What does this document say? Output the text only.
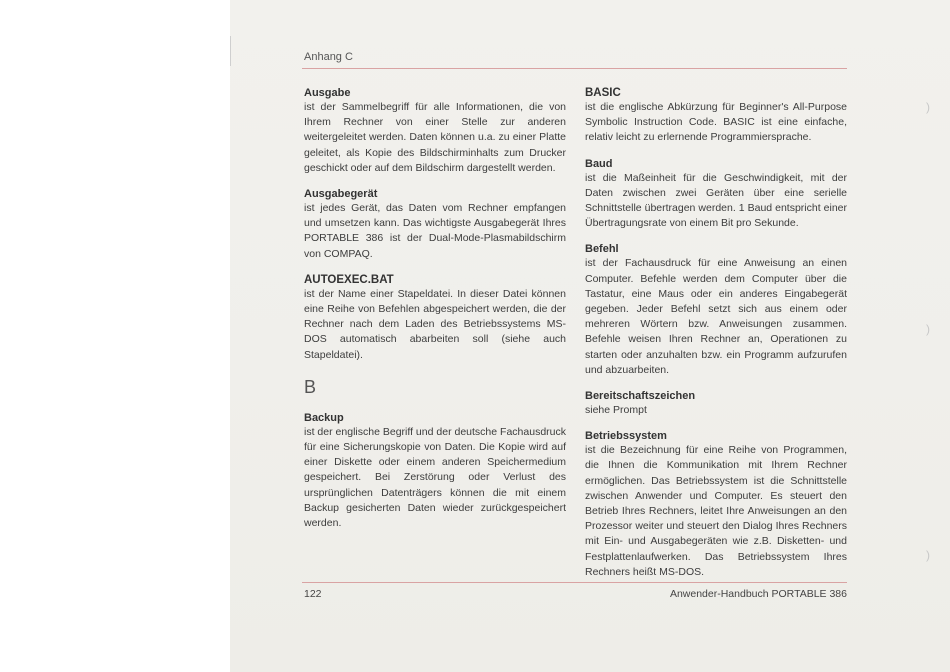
Anhang C
Ausgabe
ist der Sammelbegriff für alle Informationen, die von Ihrem Rechner von einer Stelle zur anderen weitergeleitet werden. Daten können u.a. zu einer Platte geleitet, als Kopie des Bildschirminhalts zum Drucker geschickt oder auf dem Bildschirm dargestellt werden.
Ausgabegerät
ist jedes Gerät, das Daten vom Rechner empfangen und umsetzen kann. Das wichtigste Ausgabegerät Ihres PORTABLE 386 ist der Dual-Mode-Plasmabildschirm von COMPAQ.
AUTOEXEC.BAT
ist der Name einer Stapeldatei. In dieser Datei können eine Reihe von Befehlen abgespeichert werden, die der Rechner nach dem Laden des Betriebssystems MS-DOS automatisch abarbeiten soll (siehe auch Stapeldatei).
B
Backup
ist der englische Begriff und der deutsche Fachausdruck für eine Sicherungskopie von Daten. Die Kopie wird auf einer Diskette oder einem anderen Speichermedium gespeichert. Bei Zerstörung oder Verlust des ursprünglichen Datenträgers können die mit einem Backup gesicherten Daten wieder zurückgespeichert werden.
BASIC
ist die englische Abkürzung für Beginner's All-Purpose Symbolic Instruction Code. BASIC ist eine einfache, relativ leicht zu erlernende Programmiersprache.
Baud
ist die Maßeinheit für die Geschwindigkeit, mit der Daten zwischen zwei Geräten über eine serielle Schnittstelle übertragen werden. 1 Baud entspricht einer Übertragungsrate von einem Bit pro Sekunde.
Befehl
ist der Fachausdruck für eine Anweisung an einen Computer. Befehle werden dem Computer über die Tastatur, eine Maus oder ein anderes Eingabegerät gegeben. Jeder Befehl setzt sich aus einem oder mehreren Wörtern bzw. Anweisungen zusammen. Befehle weisen Ihren Rechner an, Operationen zu starten oder anzuhalten bzw. ein Programm aufzurufen und abzuarbeiten.
Bereitschaftszeichen
siehe Prompt
Betriebssystem
ist die Bezeichnung für eine Reihe von Programmen, die Ihnen die Kommunikation mit Ihrem Rechner ermöglichen. Das Betriebssystem ist die Schnittstelle zwischen Anwender und Computer. Es steuert den Betrieb Ihres Rechners, leitet Ihre Anweisungen an den Prozessor weiter und steuert den Dialog Ihres Rechners mit Ein- und Ausgabegeräten wie z.B. Disketten- und Festplattenlaufwerken. Das Betriebssystem Ihres Rechners heißt MS-DOS.
122	Anwender-Handbuch PORTABLE 386
)
)
)
